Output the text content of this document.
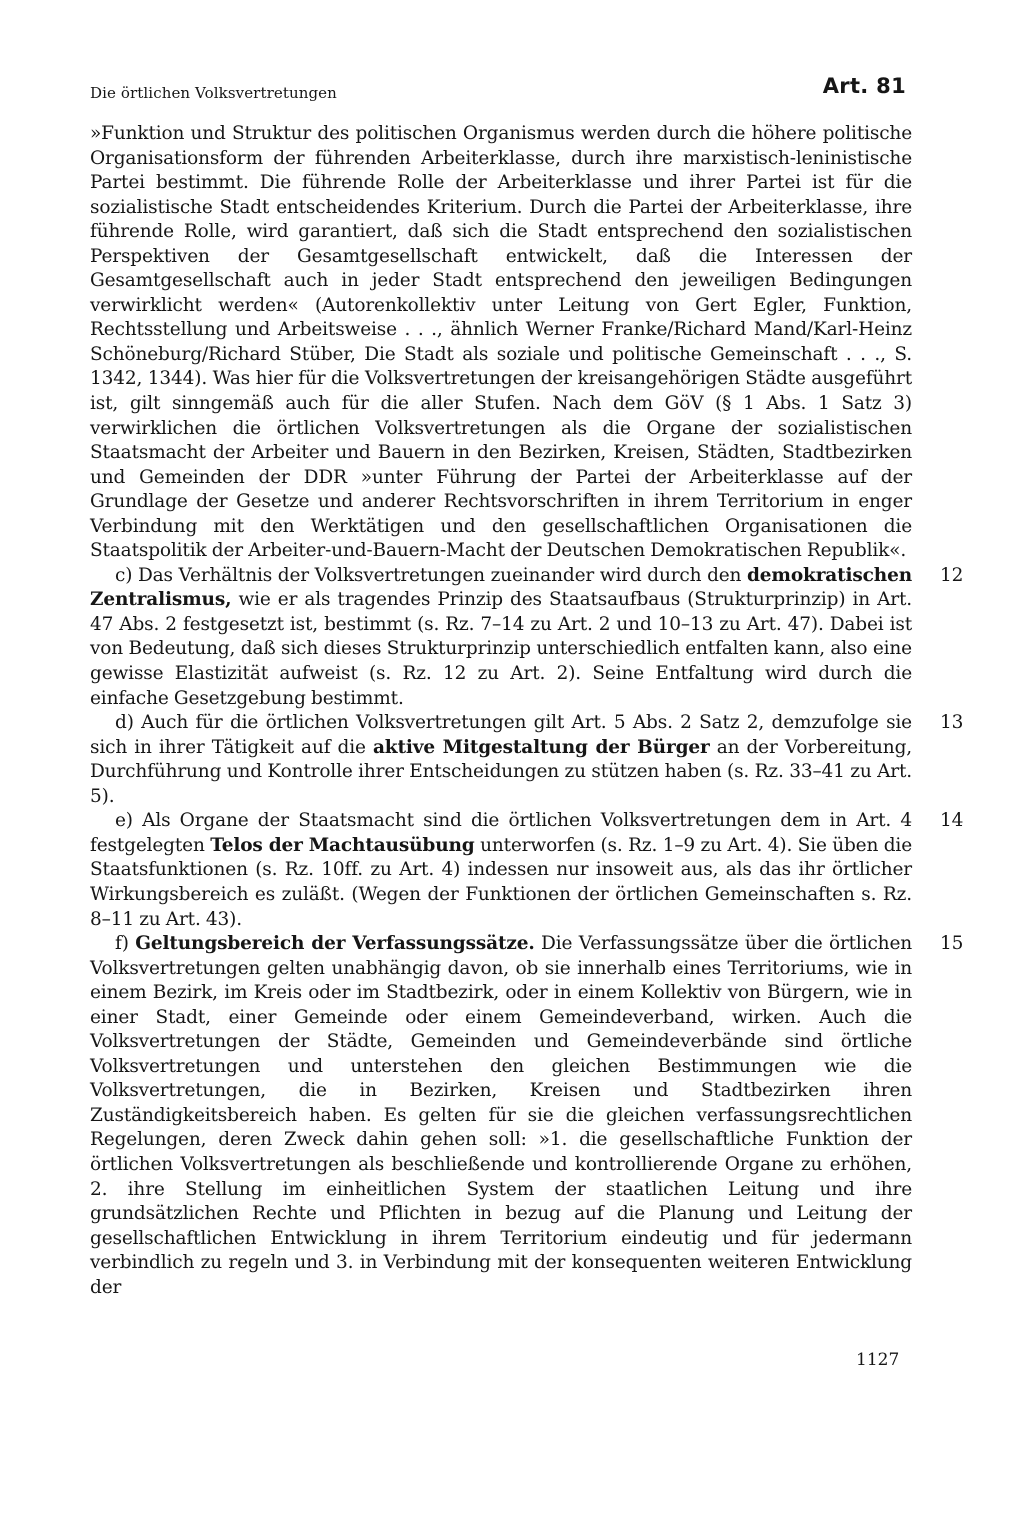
Die örtlichen Volksvertretungen	Art. 81

»Funktion und Struktur des politischen Organismus werden durch die höhere politische Organisationsform der führenden Arbeiterklasse, durch ihre marxistisch-leninistische Partei bestimmt. Die führende Rolle der Arbeiterklasse und ihrer Partei ist für die sozialistische Stadt entscheidendes Kriterium. Durch die Partei der Arbeiterklasse, ihre führende Rolle, wird garantiert, daß sich die Stadt entsprechend den sozialistischen Perspektiven der Gesamtgesellschaft entwickelt, daß die Interessen der Gesamtgesellschaft auch in jeder Stadt entsprechend den jeweiligen Bedingungen verwirklicht werden« (Autorenkollektiv unter Leitung von Gert Egler, Funktion, Rechtsstellung und Arbeitsweise . . ., ähnlich Werner Franke/Richard Mand/Karl-Heinz Schöneburg/Richard Stüber, Die Stadt als soziale und politische Gemeinschaft . . ., S. 1342, 1344). Was hier für die Volksvertretungen der kreisangehörigen Städte ausgeführt ist, gilt sinngemäß auch für die aller Stufen. Nach dem GöV (§ 1 Abs. 1 Satz 3) verwirklichen die örtlichen Volksvertretungen als die Organe der sozialistischen Staatsmacht der Arbeiter und Bauern in den Bezirken, Kreisen, Städten, Stadtbezirken und Gemeinden der DDR »unter Führung der Partei der Arbeiterklasse auf der Grundlage der Gesetze und anderer Rechtsvorschriften in ihrem Territorium in enger Verbindung mit den Werktätigen und den gesellschaftlichen Organisationen die Staatspolitik der Arbeiter-und-Bauern-Macht der Deutschen Demokratischen Republik«.

12
c) Das Verhältnis der Volksvertretungen zueinander wird durch den demokratischen Zentralismus, wie er als tragendes Prinzip des Staatsaufbaus (Strukturprinzip) in Art. 47 Abs. 2 festgesetzt ist, bestimmt (s. Rz. 7–14 zu Art. 2 und 10–13 zu Art. 47). Dabei ist von Bedeutung, daß sich dieses Strukturprinzip unterschiedlich entfalten kann, also eine gewisse Elastizität aufweist (s. Rz. 12 zu Art. 2). Seine Entfaltung wird durch die einfache Gesetzgebung bestimmt.

13
d) Auch für die örtlichen Volksvertretungen gilt Art. 5 Abs. 2 Satz 2, demzufolge sie sich in ihrer Tätigkeit auf die aktive Mitgestaltung der Bürger an der Vorbereitung, Durchführung und Kontrolle ihrer Entscheidungen zu stützen haben (s. Rz. 33–41 zu Art. 5).

14
e) Als Organe der Staatsmacht sind die örtlichen Volksvertretungen dem in Art. 4 festgelegten Telos der Machtausübung unterworfen (s. Rz. 1–9 zu Art. 4). Sie üben die Staatsfunktionen (s. Rz. 10ff. zu Art. 4) indessen nur insoweit aus, als das ihr örtlicher Wirkungsbereich es zuläßt. (Wegen der Funktionen der örtlichen Gemeinschaften s. Rz. 8–11 zu Art. 43).

15
f) Geltungsbereich der Verfassungssätze. Die Verfassungssätze über die örtlichen Volksvertretungen gelten unabhängig davon, ob sie innerhalb eines Territoriums, wie in einem Bezirk, im Kreis oder im Stadtbezirk, oder in einem Kollektiv von Bürgern, wie in einer Stadt, einer Gemeinde oder einem Gemeindeverband, wirken. Auch die Volksvertretungen der Städte, Gemeinden und Gemeindeverbände sind örtliche Volksvertretungen und unterstehen den gleichen Bestimmungen wie die Volksvertretungen, die in Bezirken, Kreisen und Stadtbezirken ihren Zuständigkeitsbereich haben. Es gelten für sie die gleichen verfassungsrechtlichen Regelungen, deren Zweck dahin gehen soll: »1. die gesellschaftliche Funktion der örtlichen Volksvertretungen als beschließende und kontrollierende Organe zu erhöhen, 2. ihre Stellung im einheitlichen System der staatlichen Leitung und ihre grundsätzlichen Rechte und Pflichten in bezug auf die Planung und Leitung der gesellschaftlichen Entwicklung in ihrem Territorium eindeutig und für jedermann verbindlich zu regeln und 3. in Verbindung mit der konsequenten weiteren Entwicklung der

1127
